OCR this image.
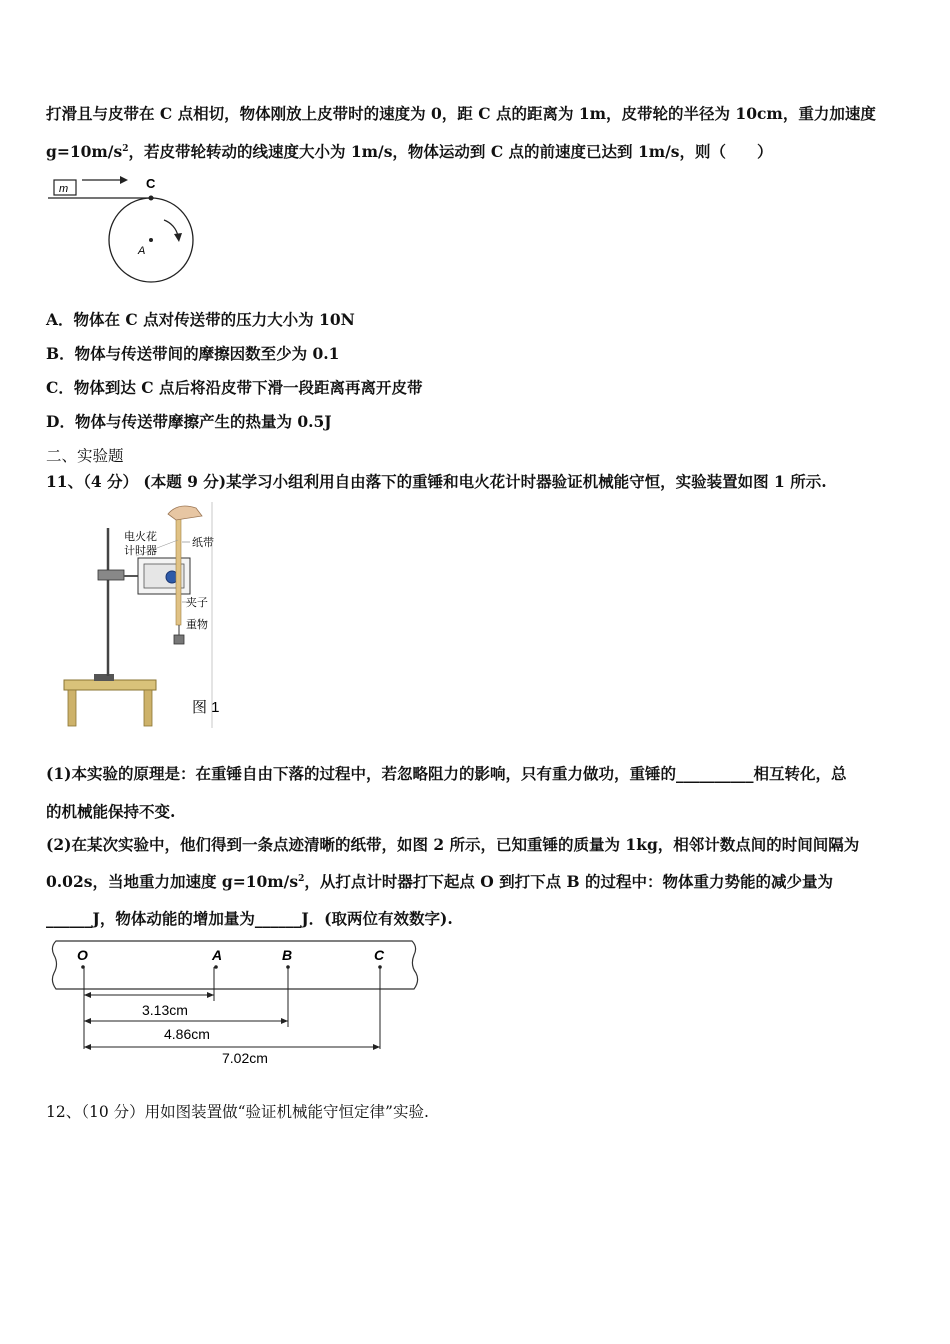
打滑且与皮带在 C 点相切，物体刚放上皮带时的速度为 0，距 C 点的距离为 1m，皮带轮的半径为 10cm，重力加速度
$g=10m/s^2$，若皮带轮转动的线速度大小为 1m/s，物体运动到 C 点的前速度已达到 1m/s，则（　　）
m	C
A
A．物体在 C 点对传送带的压力大小为 10N
B．物体与传送带间的摩擦因数至少为 0.1
C．物体到达 C 点后将沿皮带下滑一段距离再离开皮带
D．物体与传送带摩擦产生的热量为 0.5J
二、实验题
11、（4 分） (本题 9 分)某学习小组利用自由落下的重锤和电火花计时器验证机械能守恒，实验装置如图 1 所示.
电火花
计时器
纸带
夹子
重物
图 1
(1)本实验的原理是：在重锤自由下落的过程中，若忽略阻力的影响，只有重力做功，重锤的__________相互转化，总
的机械能保持不变.
(2)在某次实验中，他们得到一条点迹清晰的纸带，如图 2 所示，已知重锤的质量为 1kg，相邻计数点间的时间间隔为
0.02s，当地重力加速度 $g=10m/s^2$，从打点计时器打下起点 O 到打下点 B 的过程中：物体重力势能的减少量为
______J，物体动能的增加量为______J．(取两位有效数字).
O	A	B	C
3.13cm
4.86cm
7.02cm
12、（10 分）用如图装置做“验证机械能守恒定律”实验.
